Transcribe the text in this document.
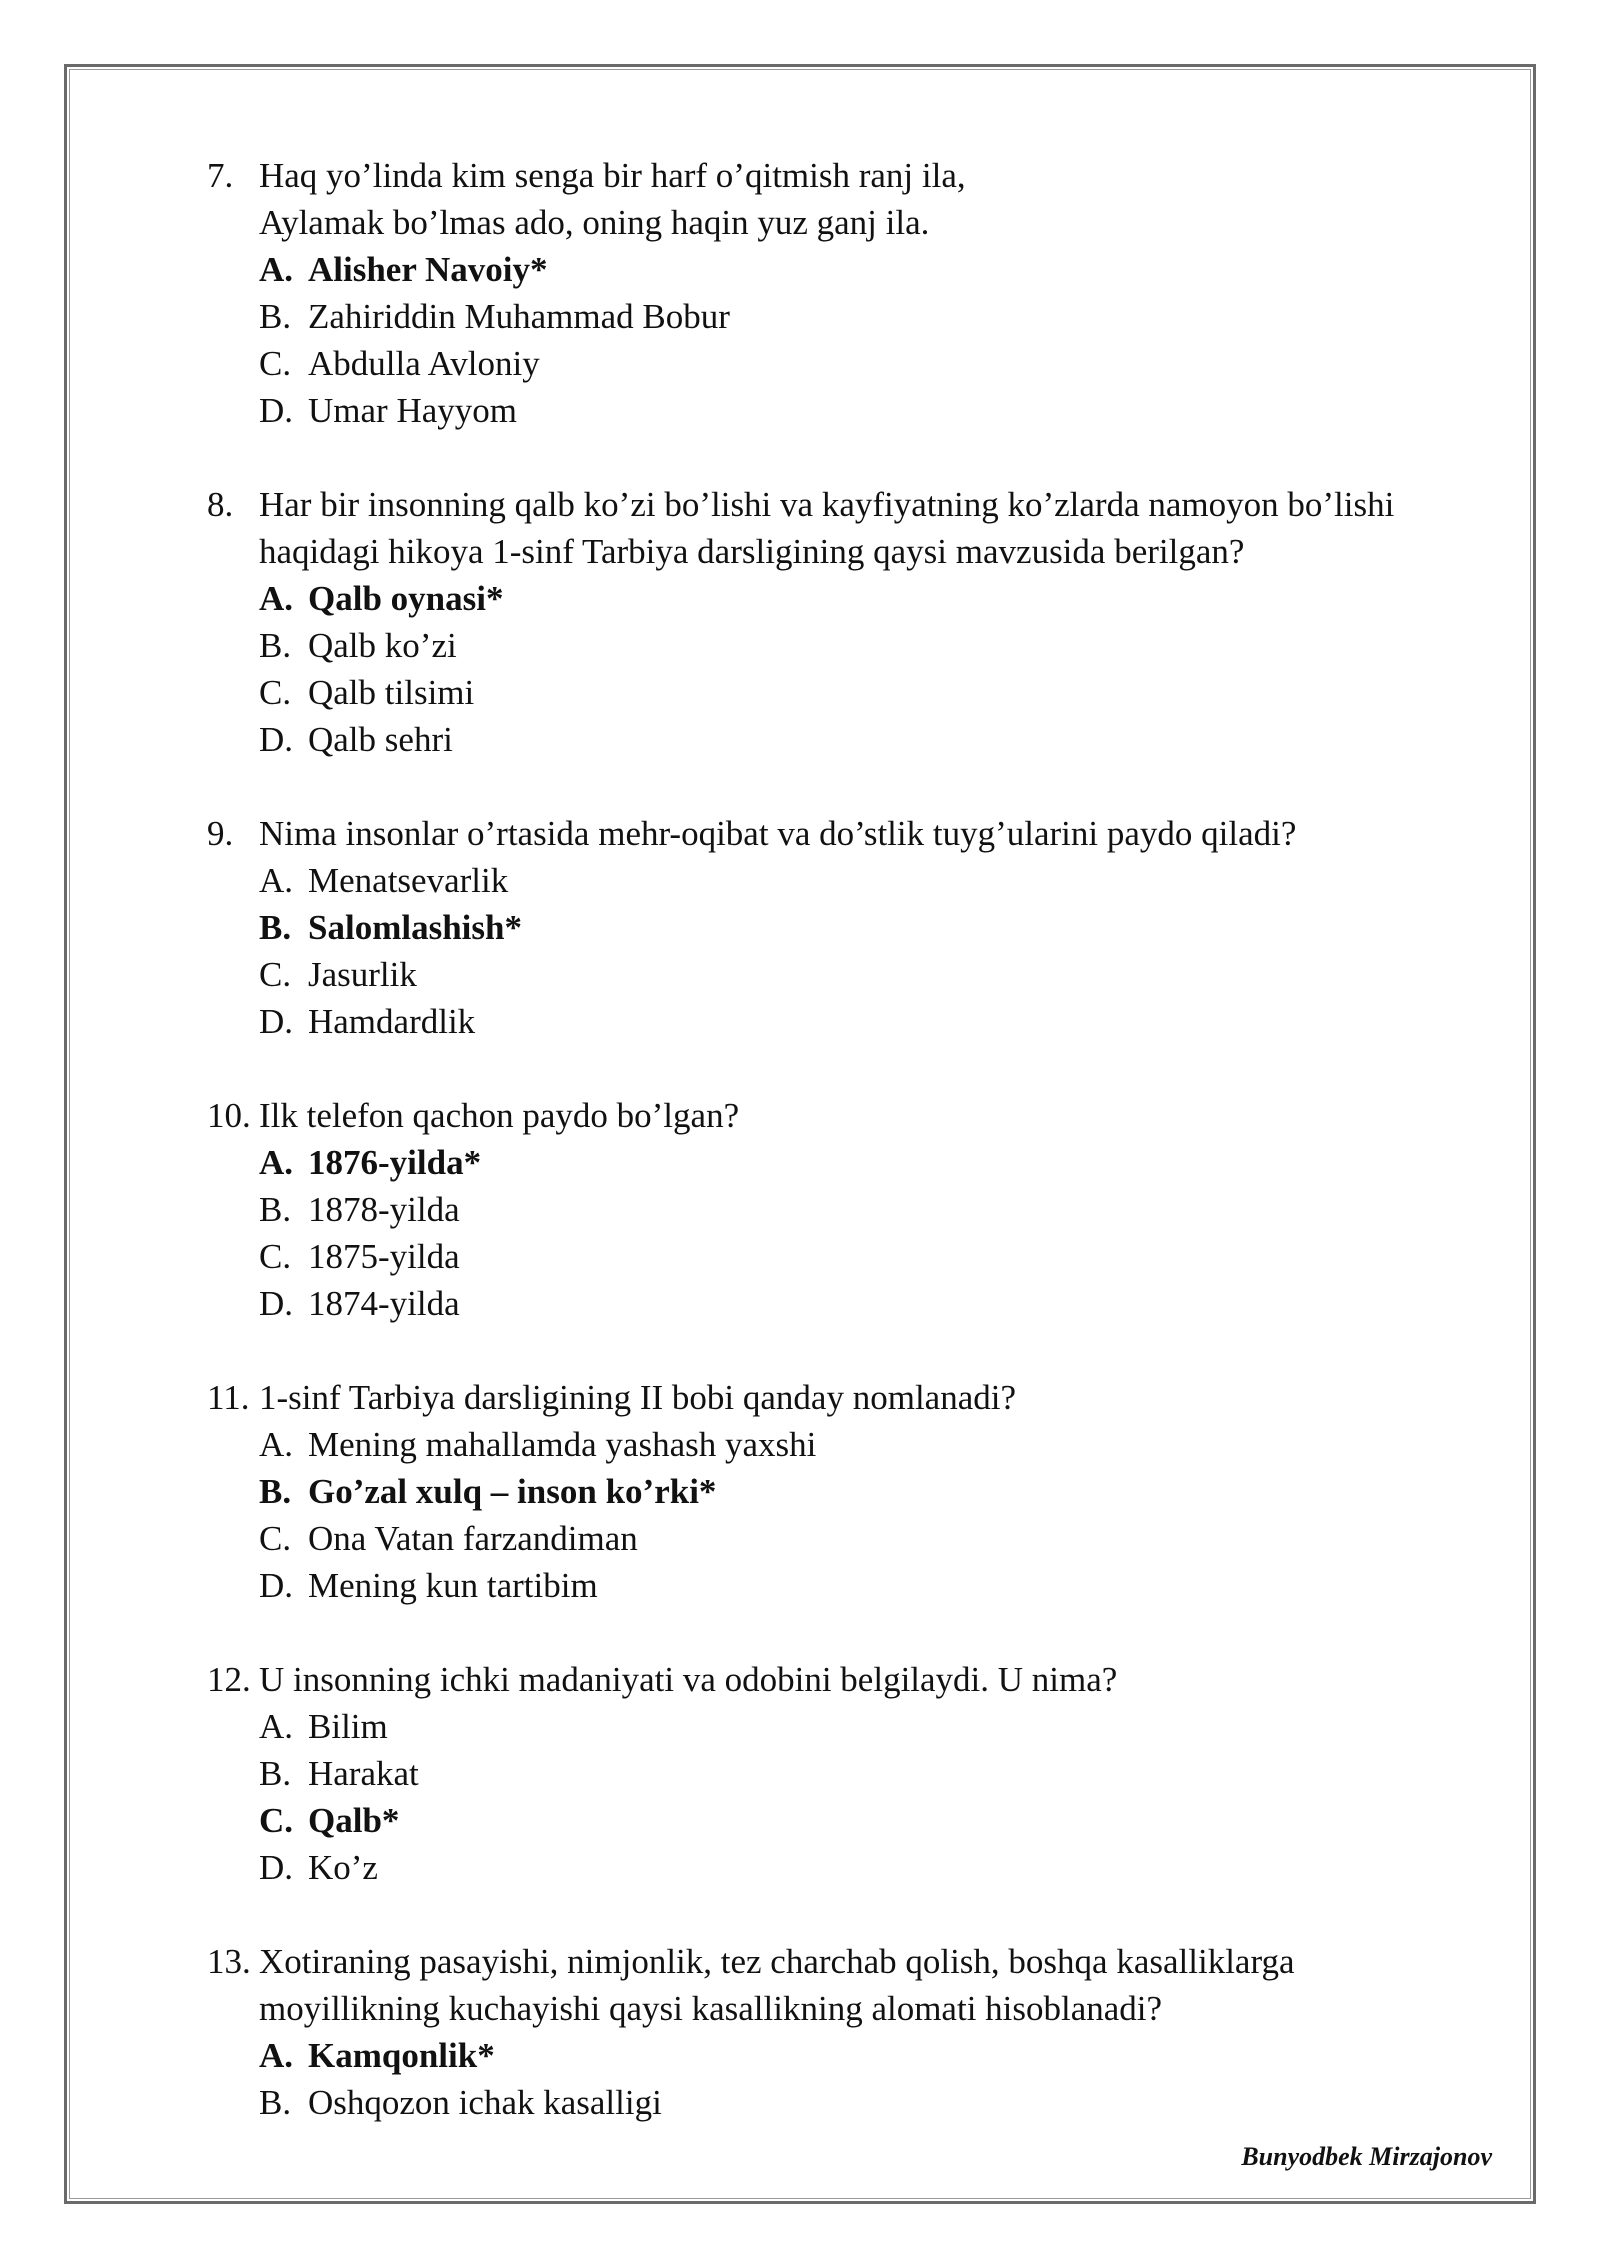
7. Haq yo’linda kim senga bir harf o’qitmish ranj ila,
Aylamak bo’lmas ado, oning haqin yuz ganj ila.
A. Alisher Navoiy*
B. Zahiriddin Muhammad Bobur
C. Abdulla Avloniy
D. Umar Hayyom
8. Har bir insonning qalb ko’zi bo’lishi va kayfiyatning ko’zlarda namoyon bo’lishi
haqidagi hikoya 1-sinf Tarbiya darsligining qaysi mavzusida berilgan?
A. Qalb oynasi*
B. Qalb ko’zi
C. Qalb tilsimi
D. Qalb sehri
9. Nima insonlar o’rtasida mehr-oqibat va do’stlik tuyg’ularini paydo qiladi?
A. Menatsevarlik
B. Salomlashish*
C. Jasurlik
D. Hamdardlik
10. Ilk telefon qachon paydo bo’lgan?
A. 1876-yilda*
B. 1878-yilda
C. 1875-yilda
D. 1874-yilda
11. 1-sinf Tarbiya darsligining II bobi qanday nomlanadi?
A. Mening mahallamda yashash yaxshi
B. Go’zal xulq – inson ko’rki*
C. Ona Vatan farzandiman
D. Mening kun tartibim
12. U insonning ichki madaniyati va odobini belgilaydi. U nima?
A. Bilim
B. Harakat
C. Qalb*
D. Ko’z
13. Xotiraning pasayishi, nimjonlik, tez charchab qolish, boshqa kasalliklarga
moyillikning kuchayishi qaysi kasallikning alomati hisoblanadi?
A. Kamqonlik*
B. Oshqozon ichak kasalligi
Bunyodbek Mirzajonov
